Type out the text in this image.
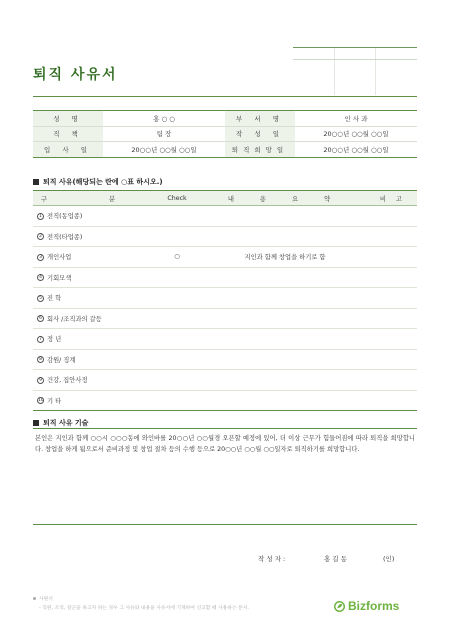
퇴직 사유서
성 명	홍 ○ ○	부 서 명	인 사 과
직 책	팀 장	작 성 일	20○○년 ○○월 ○○일
입 사 일	20○○년 ○○월 ○○일	퇴직희망일	20○○년 ○○월 ○○일
퇴직 사유(해당되는 란에 ○표 하시오.)
구 분	Check	내 용 요 약	비 고
1 전직(동업종)			
2 전직(타업종)			
3 개인사업	○	지인과 함께 창업을 하기로 함	
4 기회모색			
5 진 학			
6 회사 /조직과의 갈등			
7 정 년			
8 감원/ 징계			
9 건강, 집안사정			
10 기 타			
퇴직 사유 기술
본인은 지인과 함께 ○○시 ○○○동에 와인바를 20○○년 ○○월경 오픈할 예정에 있어, 더 이상 근무가 힘들어짐에 따라 퇴직을 희망합니다. 창업을 하게 됨으로서 준비과정 및 창업 절차 등의 수행 등으로 20○○년 ○○월 ○○일자로 퇴직하기를 희망합니다.
작 성 자 :	홍 길 동	(인)
사원서
- 직원, 조직, 갈근을 하고자 하는 경우 그 사유와 내용을 사유서에 기재하여 신고할 때 사용하는 문서.	Bizforms
